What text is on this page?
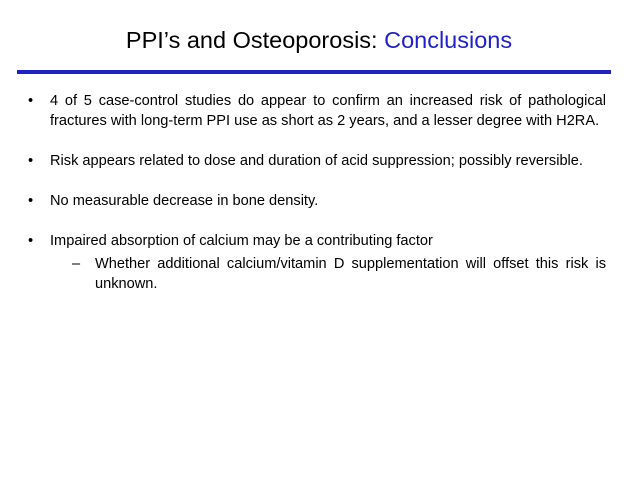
PPI’s and Osteoporosis: Conclusions
•	4 of 5 case-control studies do appear to confirm an increased risk of pathological fractures with long-term PPI use as short as 2 years, and a lesser degree with H2RA.
•	Risk appears related to dose and duration of acid suppression; possibly reversible.
•	No measurable decrease in bone density.
•	Impaired absorption of calcium may be a contributing factor
–	Whether additional calcium/vitamin D supplementation will offset this risk is unknown.
